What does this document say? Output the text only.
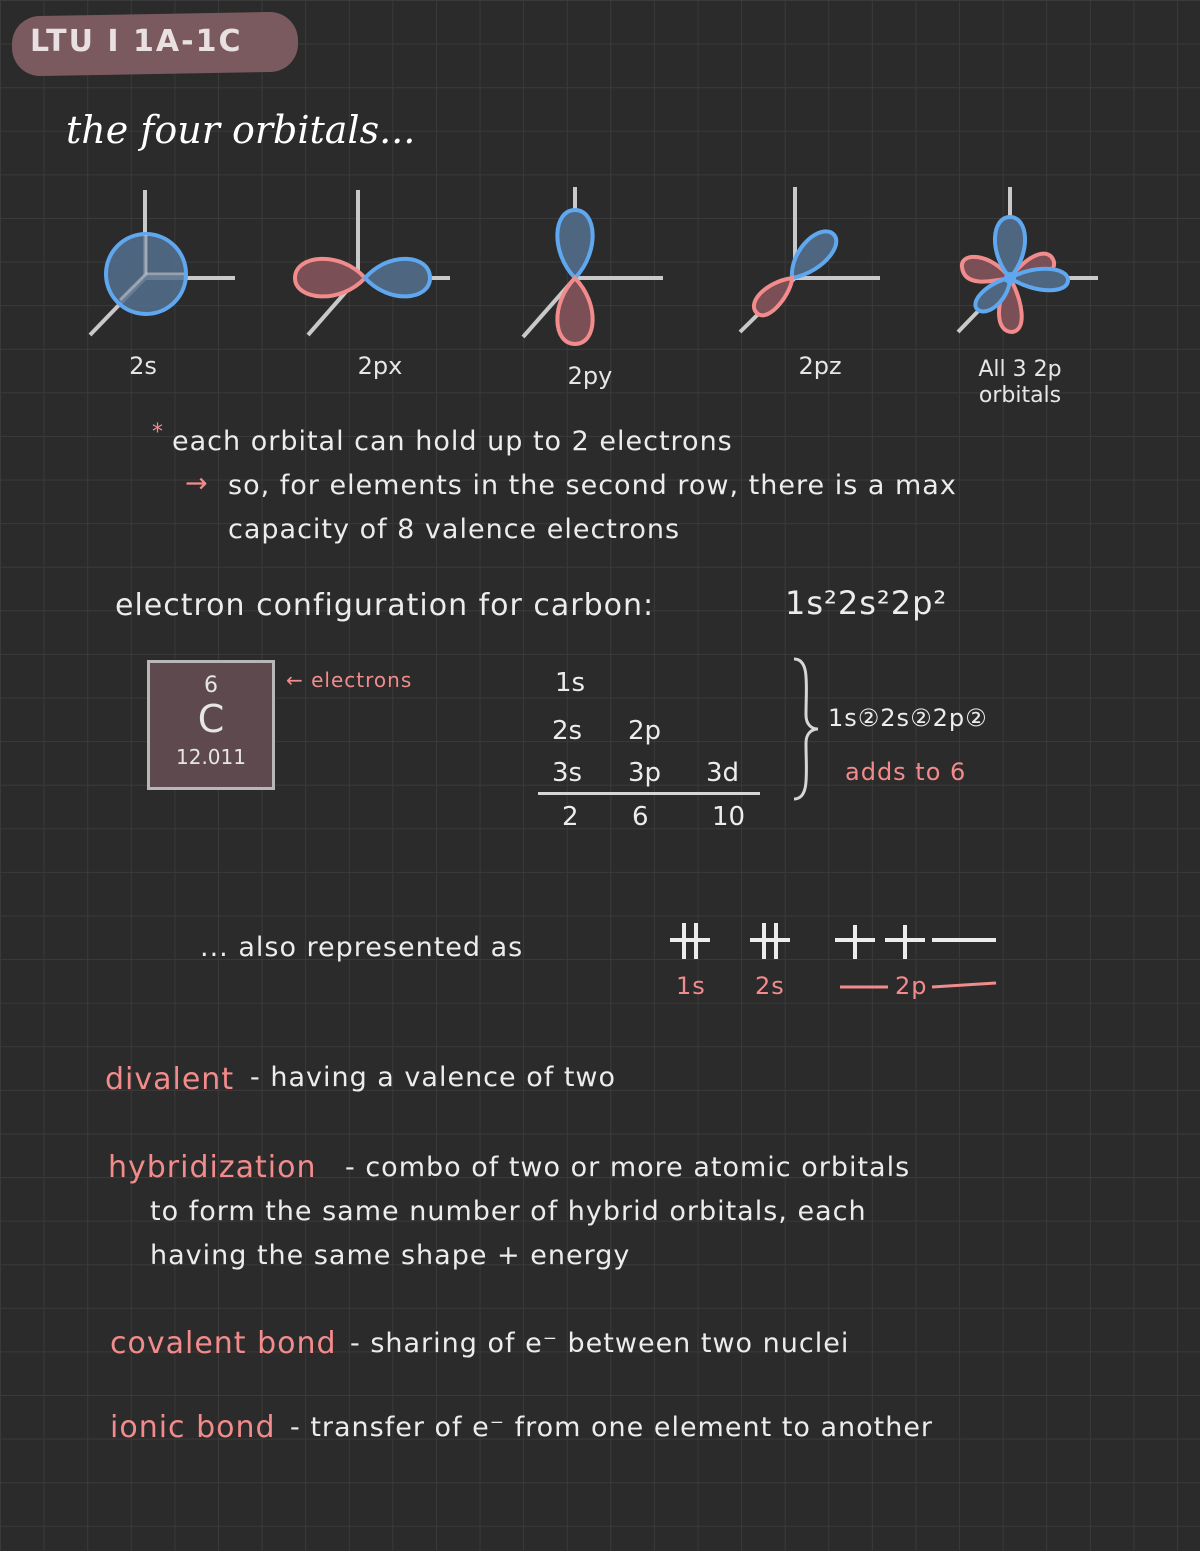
LTU I 1A-1C
the four orbitals...
2s	2px	2py	2pz	All 3 2p orbitals
* each orbital can hold up to 2 electrons
→ so, for elements in the second row, there is a max
capacity of 8 valence electrons
electron configuration for carbon:	1s²2s²2p²
6
C
12.011
← electrons	1s
2s	2p
3s	3p	3d
2	6	10
1s②2s②2p②
adds to 6
... also represented as
1s 2s	2p
divalent - having a valence of two
hybridization - combo of two or more atomic orbitals
to form the same number of hybrid orbitals, each
having the same shape + energy
covalent bond - sharing of e⁻ between two nuclei
ionic bond - transfer of e⁻ from one element to another
